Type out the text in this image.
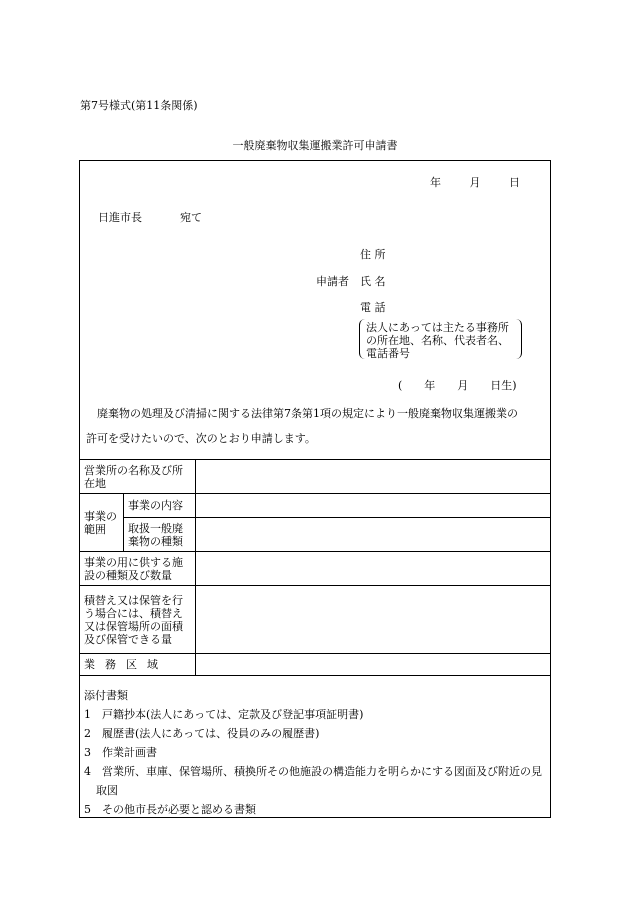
第7号様式(第11条関係)
一般廃棄物収集運搬業許可申請書
年	月	日
日進市長	宛て
申請者
住 所
氏 名
電 話
法人にあっては主たる事務所
の所在地、名称、代表者名、
電話番号
(　　年　　月　　日生)
廃棄物の処理及び清掃に関する法律第7条第1項の規定により一般廃棄物収集運搬業の
許可を受けたいので、次のとおり申請します。
営業所の名称及び所在地		
事業の範囲	事業の内容	
	取扱一般廃棄物の種類	
事業の用に供する施設の種類及び数量		
積替え又は保管を行う場合には、積替え又は保管場所の面積及び保管できる量		
業務区域		
添付書類
1　戸籍抄本(法人にあっては、定款及び登記事項証明書)
2　履歴書(法人にあっては、役員のみの履歴書)
3　作業計画書
4　営業所、車庫、保管場所、積換所その他施設の構造能力を明らかにする図面及び附近の見取図
5　その他市長が必要と認める書類
